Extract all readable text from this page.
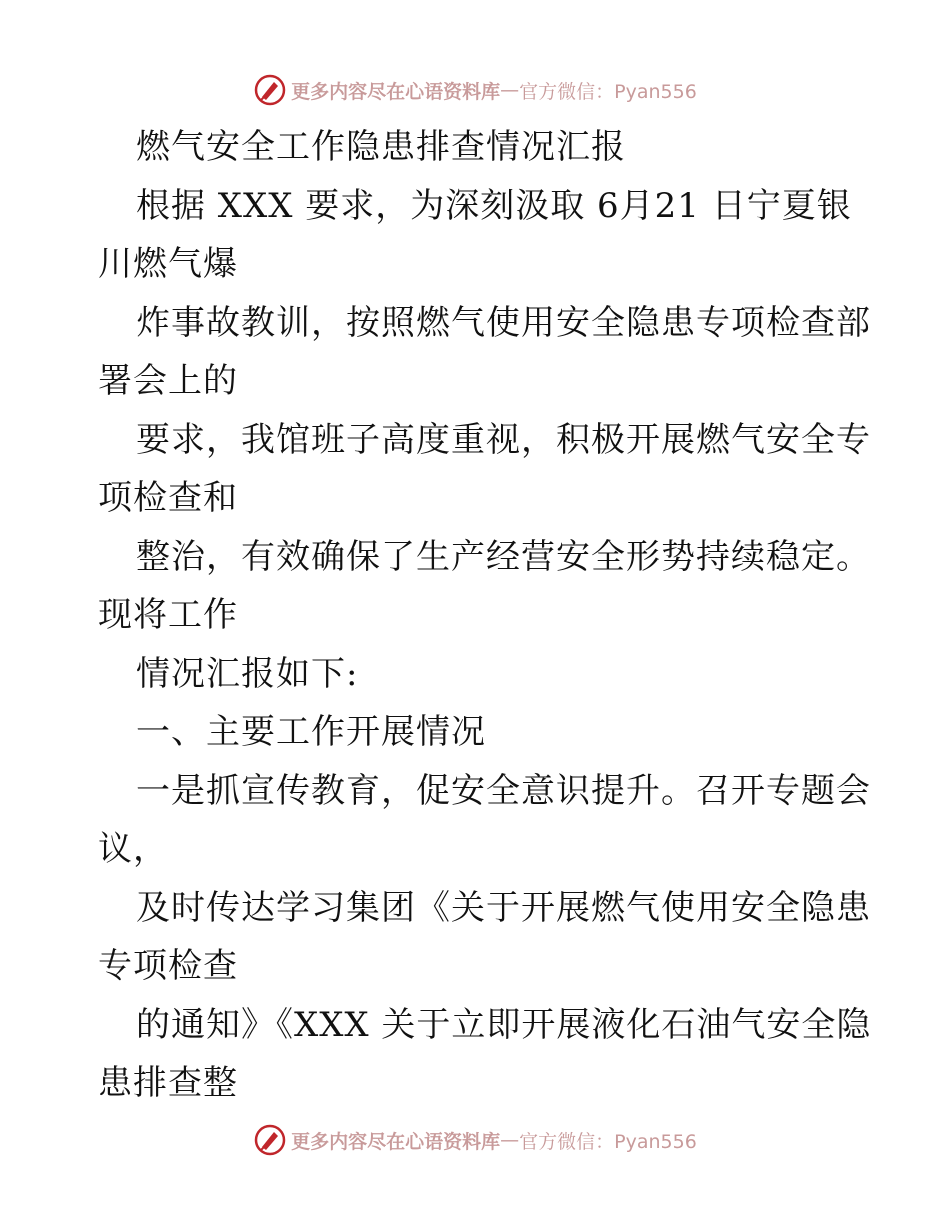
更多内容尽在心语资料库 — 官方微信：Pyan556
燃气安全工作隐患排查情况汇报
根据 XXX 要求，为深刻汲取 6月21 日宁夏银
川燃气爆
炸事故教训，按照燃气使用安全隐患专项检查部
署会上的
要求，我馆班子高度重视，积极开展燃气安全专
项检查和
整治，有效确保了生产经营安全形势持续稳定。
现将工作
情况汇报如下:
一、主要工作开展情况
一是抓宣传教育，促安全意识提升。召开专题会
议，
及时传达学习集团《关于开展燃气使用安全隐患
专项检查
的通知》《XXX 关于立即开展液化石油气安全隐
患排查整
更多内容尽在心语资料库 — 官方微信：Pyan556
